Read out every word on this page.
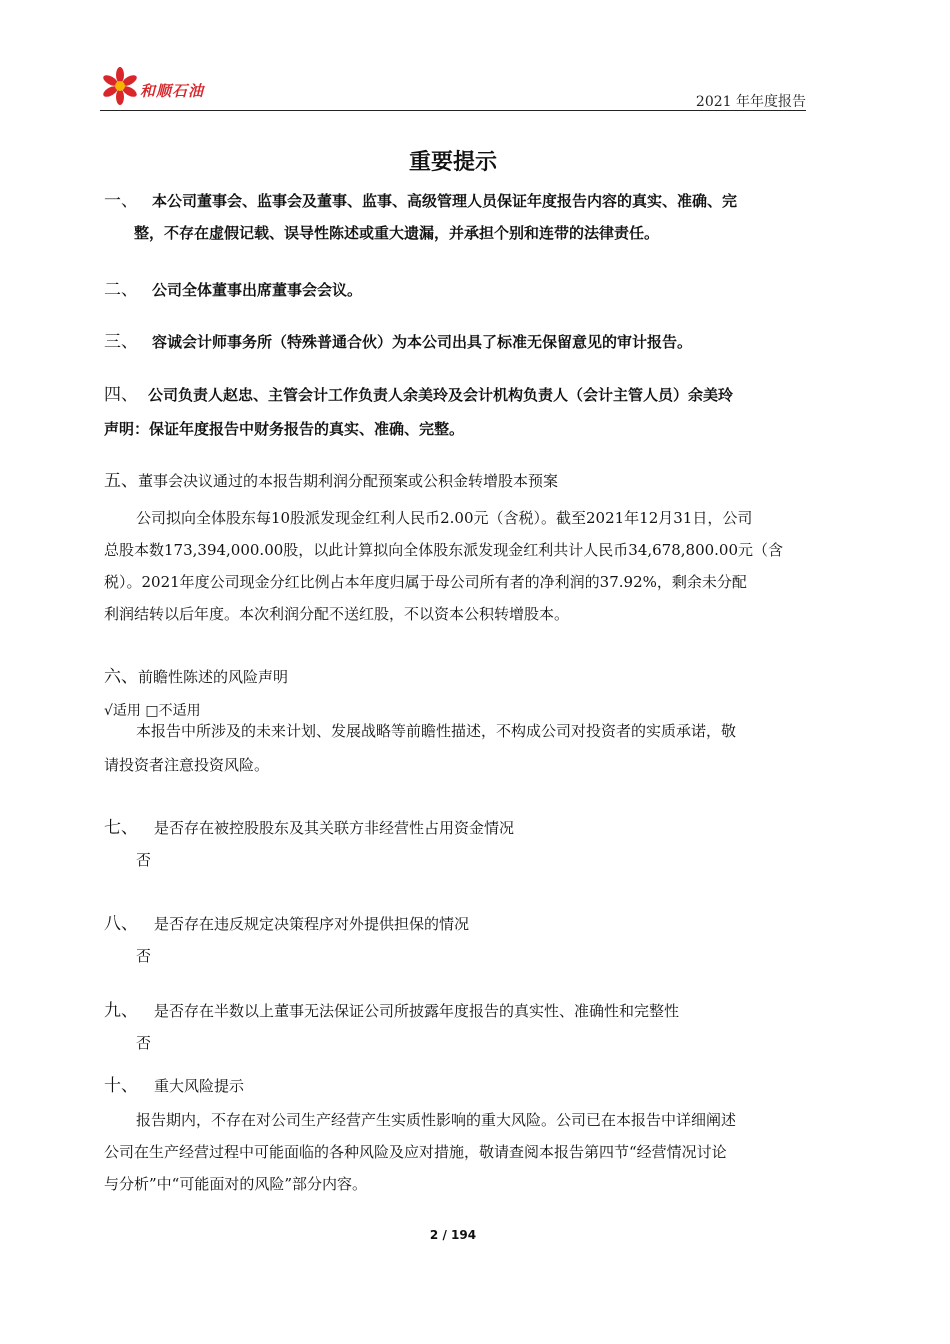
和顺石油
2021 年年度报告
重要提示
一、 本公司董事会、监事会及董事、监事、高级管理人员保证年度报告内容的真实、准确、完
整，不存在虚假记载、误导性陈述或重大遗漏，并承担个别和连带的法律责任。
二、 公司全体董事出席董事会会议。
三、 容诚会计师事务所（特殊普通合伙）为本公司出具了标准无保留意见的审计报告。
四、 公司负责人赵忠、主管会计工作负责人余美玲及会计机构负责人（会计主管人员）余美玲
声明：保证年度报告中财务报告的真实、准确、完整。
五、董事会决议通过的本报告期利润分配预案或公积金转增股本预案
公司拟向全体股东每10股派发现金红利人民币2.00元（含税）。截至2021年12月31日，公司
总股本数173,394,000.00股，以此计算拟向全体股东派发现金红利共计人民币34,678,800.00元（含
税）。2021年度公司现金分红比例占本年度归属于母公司所有者的净利润的37.92%，剩余未分配
利润结转以后年度。本次利润分配不送红股，不以资本公积转增股本。
六、前瞻性陈述的风险声明
√适用 □不适用
本报告中所涉及的未来计划、发展战略等前瞻性描述，不构成公司对投资者的实质承诺，敬
请投资者注意投资风险。
七、 是否存在被控股股东及其关联方非经营性占用资金情况
否
八、 是否存在违反规定决策程序对外提供担保的情况
否
九、 是否存在半数以上董事无法保证公司所披露年度报告的真实性、准确性和完整性
否
十、 重大风险提示
报告期内，不存在对公司生产经营产生实质性影响的重大风险。公司已在本报告中详细阐述
公司在生产经营过程中可能面临的各种风险及应对措施，敬请查阅本报告第四节“经营情况讨论
与分析”中“可能面对的风险”部分内容。
2 / 194
